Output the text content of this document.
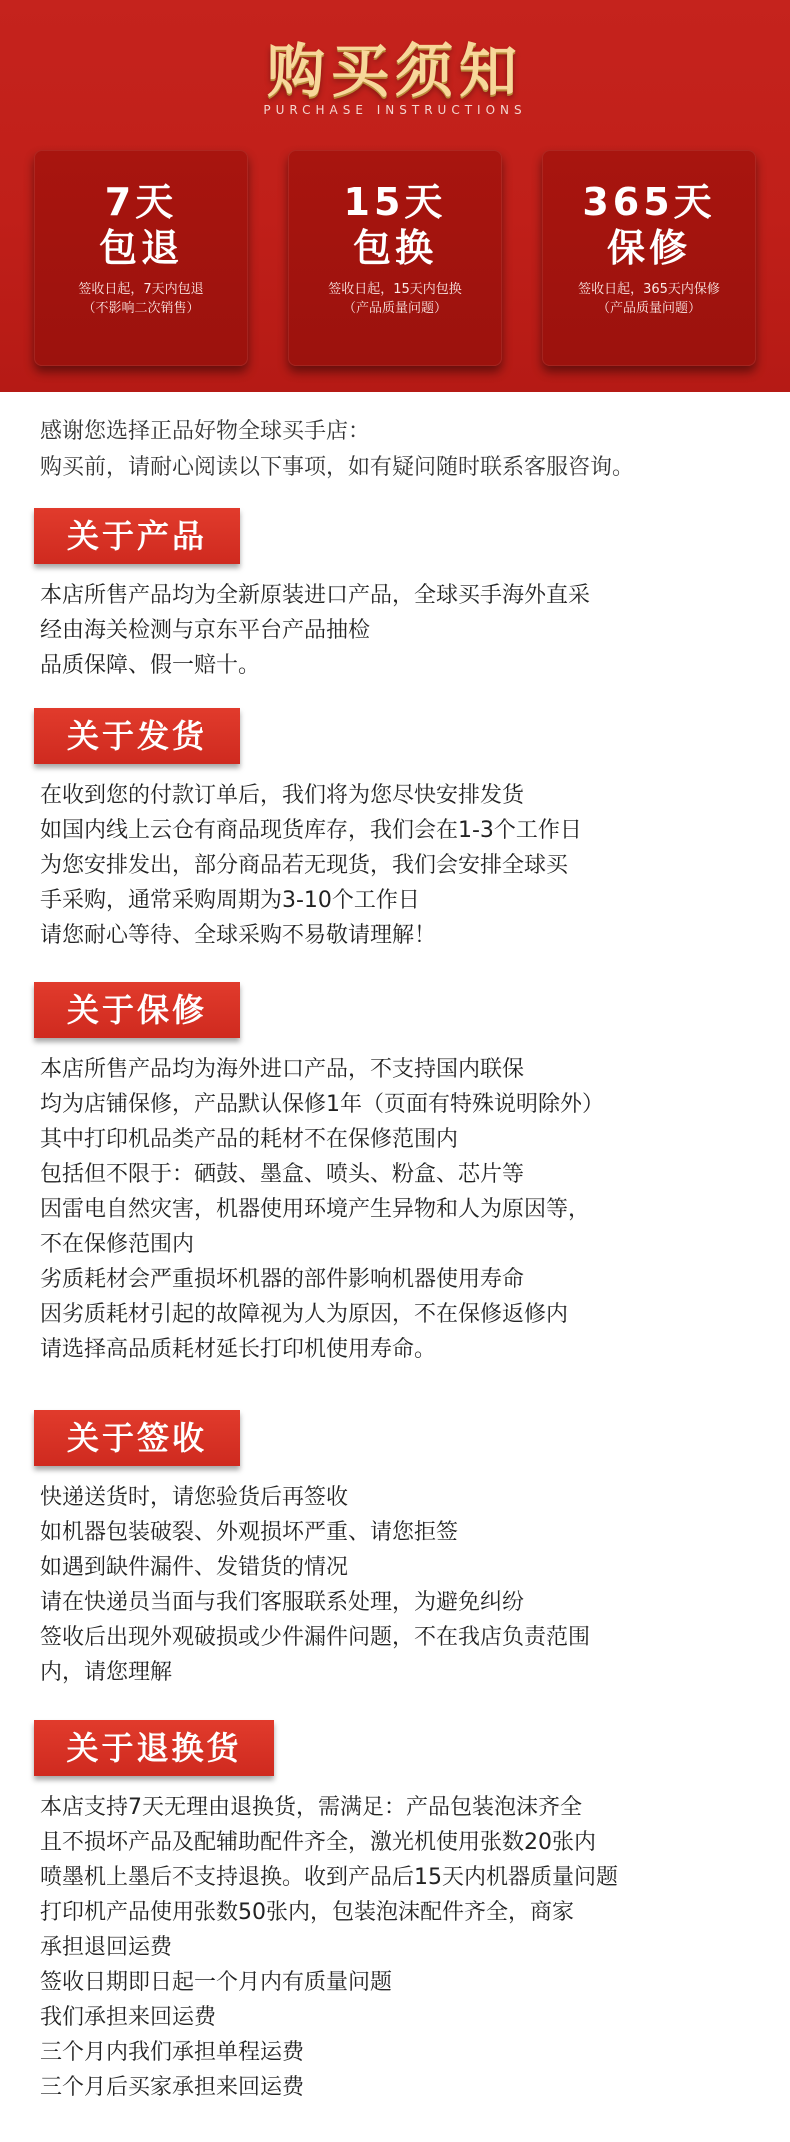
购买须知
PURCHASE INSTRUCTIONS
7天
包退
签收日起，7天内包退
（不影响二次销售）
15天
包换
签收日起，15天内包换
（产品质量问题）
365天
保修
签收日起，365天内保修
（产品质量问题）
感谢您选择正品好物全球买手店：
购买前，请耐心阅读以下事项，如有疑问随时联系客服咨询。
关于产品
本店所售产品均为全新原装进口产品，全球买手海外直采
经由海关检测与京东平台产品抽检
品质保障、假一赔十。
关于发货
在收到您的付款订单后，我们将为您尽快安排发货
如国内线上云仓有商品现货库存，我们会在1-3个工作日
为您安排发出，部分商品若无现货，我们会安排全球买
手采购，通常采购周期为3-10个工作日
请您耐心等待、全球采购不易敬请理解！
关于保修
本店所售产品均为海外进口产品，不支持国内联保
均为店铺保修，产品默认保修1年（页面有特殊说明除外）
其中打印机品类产品的耗材不在保修范围内
包括但不限于：硒鼓、墨盒、喷头、粉盒、芯片等
因雷电自然灾害，机器使用环境产生异物和人为原因等，
不在保修范围内
劣质耗材会严重损坏机器的部件影响机器使用寿命
因劣质耗材引起的故障视为人为原因，不在保修返修内
请选择高品质耗材延长打印机使用寿命。
关于签收
快递送货时，请您验货后再签收
如机器包装破裂、外观损坏严重、请您拒签
如遇到缺件漏件、发错货的情况
请在快递员当面与我们客服联系处理，为避免纠纷
签收后出现外观破损或少件漏件问题，不在我店负责范围
内，请您理解
关于退换货
本店支持7天无理由退换货，需满足：产品包装泡沫齐全
且不损坏产品及配辅助配件齐全，激光机使用张数20张内
喷墨机上墨后不支持退换。收到产品后15天内机器质量问题
打印机产品使用张数50张内，包装泡沫配件齐全，商家
承担退回运费
签收日期即日起一个月内有质量问题
我们承担来回运费
三个月内我们承担单程运费
三个月后买家承担来回运费
